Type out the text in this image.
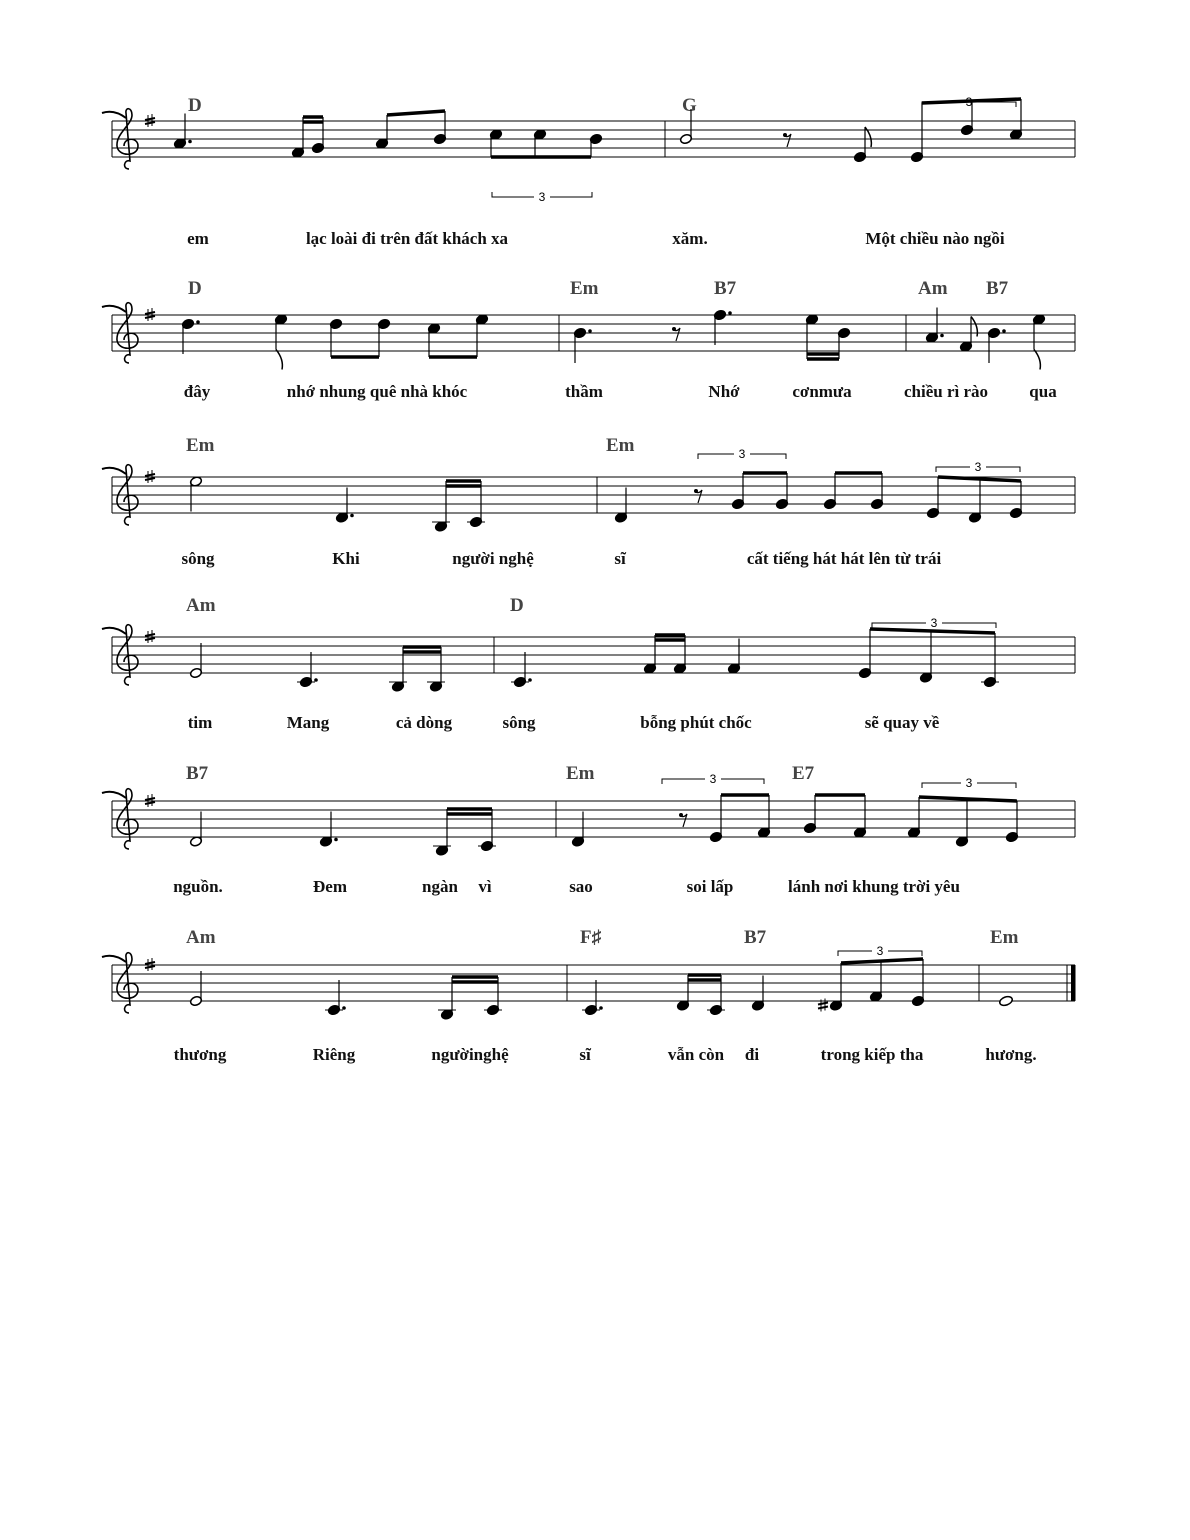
D	G
3
3
em	lạc loài đi trên đất khách xa	xăm.	Một chiều nào ngồi
D	Em	B7	Am B7
đây	nhớ nhung quê nhà khóc	thầm	Nhớ	cơnmưa	chiều rì rào qua
Em	Em	3
3
sông	Khi	người nghệ	sĩ	cất tiếng hát hát lên từ trái
Am	D
3
tim	Mang	cả dòng	sông	bỗng phút chốc	sẽ quay về
B7	Em	E7
3	3
nguồn.	Đem	ngàn vì	sao	soi lấp	lánh nơi khung trời yêu
Am	F♯	B7	Em
3
thương	Riêng	ngườinghệ	sĩ	vẫn còn đi	trong kiếp tha	hương.
